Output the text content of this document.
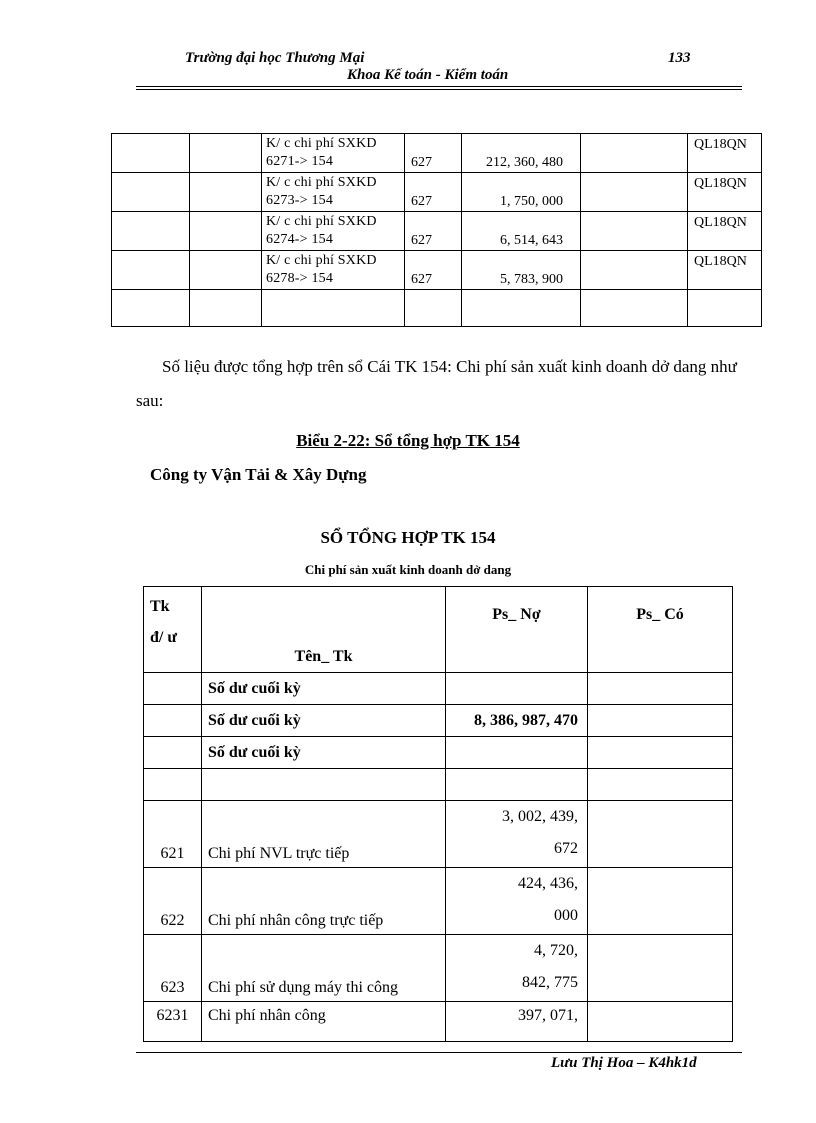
Trường đại học Thương Mại	133
Khoa Kế toán - Kiểm toán
		K/ c chi phí SXKD
6271-> 154	627	212, 360, 480		QL18QN
		K/ c chi phí SXKD
6273-> 154	627	1, 750, 000		QL18QN
		K/ c chi phí SXKD
6274-> 154	627	6, 514, 643		QL18QN
		K/ c chi phí SXKD
6278-> 154	627	5, 783, 900		QL18QN

Số liệu được tổng hợp trên sổ Cái TK 154: Chi phí sản xuất kinh doanh dở dang như sau:
Biểu 2-22: Sổ tổng hợp TK 154
Công ty Vận Tải & Xây Dựng
SỔ TỔNG HỢP TK 154
Chi phí sản xuất kinh doanh dở dang
Tk
đ/ ư	Tên_ Tk	Ps_ Nợ	Ps_ Có
	Số dư cuối kỳ		
	Số dư cuối kỳ	8, 386, 987, 470	
	Số dư cuối kỳ		

621	Chi phí NVL trực tiếp	3, 002, 439,
672	
622	Chi phí nhân công trực tiếp	424, 436,
000	
623	Chi phí sử dụng máy thi công	4, 720,
842, 775	
6231	Chi phí nhân công	397, 071,	
Lưu Thị Hoa – K4hk1d
